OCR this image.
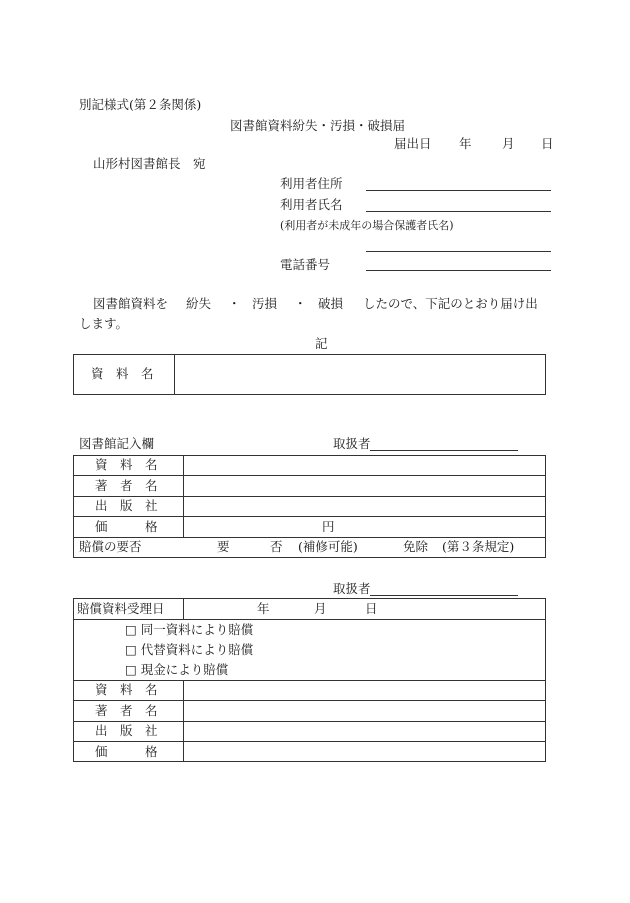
別記様式(第２条関係)
図書館資料紛失・汚損・破損届
届出日 年 月 日
山形村図書館長　宛
利用者住所
利用者氏名
(利用者が未成年の場合保護者氏名)
電話番号
図書館資料を 紛失 ・ 汚損 ・ 破損 したので、下記のとおり届け出
します。
記
資　料　名
図書館記入欄	取扱者
資　料　名
著　者　名
出　版　社
価　　　格	円
賠償の要否	要	否 (補修可能)	免除 (第３条規定)
取扱者
賠償資料受理日	年	月	日
□ 同一資料により賠償
□ 代替資料により賠償
□ 現金により賠償
資　料　名
著　者　名
出　版　社
価　　　格
